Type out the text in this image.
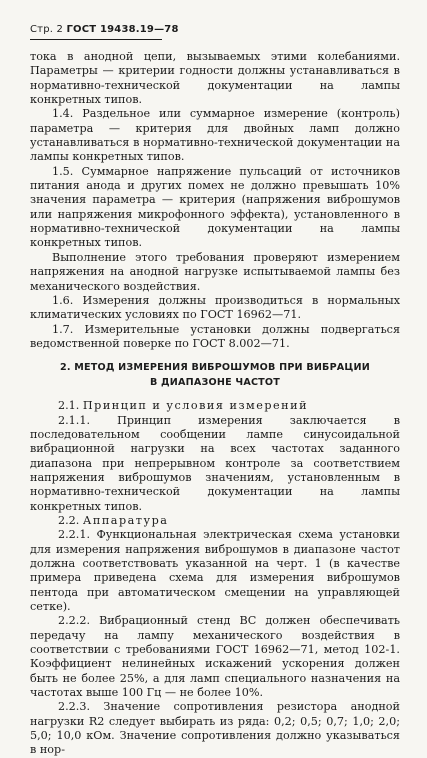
Стр. 2 ГОСТ 19438.19—78

тока в анодной цепи, вызываемых этими колебаниями. Параметры — критерии годности должны устанавливаться в нормативно-технической документации на лампы конкретных типов.

1.4. Раздельное или суммарное измерение (контроль) параметра — критерия для двойных ламп должно устанавливаться в нормативно-технической документации на лампы конкретных типов.

1.5. Суммарное напряжение пульсаций от источников питания анода и других помех не должно превышать 10% значения параметра — критерия (напряжения виброшумов или напряжения микрофонного эффекта), установленного в нормативно-технической документации на лампы конкретных типов.

Выполнение этого требования проверяют измерением напряжения на анодной нагрузке испытываемой лампы без механического воздействия.

1.6. Измерения должны производиться в нормальных климатических условиях по ГОСТ 16962—71.

1.7. Измерительные установки должны подвергаться ведомственной поверке по ГОСТ 8.002—71.

2. МЕТОД ИЗМЕРЕНИЯ ВИБРОШУМОВ ПРИ ВИБРАЦИИ
В ДИАПАЗОНЕ ЧАСТОТ

2.1. Принцип и условия измерений

2.1.1. Принцип измерения заключается в последовательном сообщении лампе синусоидальной вибрационной нагрузки на всех частотах заданного диапазона при непрерывном контроле за соответствием напряжения виброшумов значениям, установленным в нормативно-технической документации на лампы конкретных типов.

2.2. Аппаратура

2.2.1. Функциональная электрическая схема установки для измерения напряжения виброшумов в диапазоне частот должна соответствовать указанной на черт. 1 (в качестве примера приведена схема для измерения виброшумов пентода при автоматическом смещении на управляющей сетке).

2.2.2. Вибрационный стенд ВС должен обеспечивать передачу на лампу механического воздействия в соответствии с требованиями ГОСТ 16962—71, метод 102-1. Коэффициент нелинейных искажений ускорения должен быть не более 25%, а для ламп специального назначения на частотах выше 100 Гц — не более 10%.

2.2.3. Значение сопротивления резистора анодной нагрузки R2 следует выбирать из ряда: 0,2; 0,5; 0,7; 1,0; 2,0; 5,0; 10,0 кОм. Значение сопротивления должно указываться в нор-
